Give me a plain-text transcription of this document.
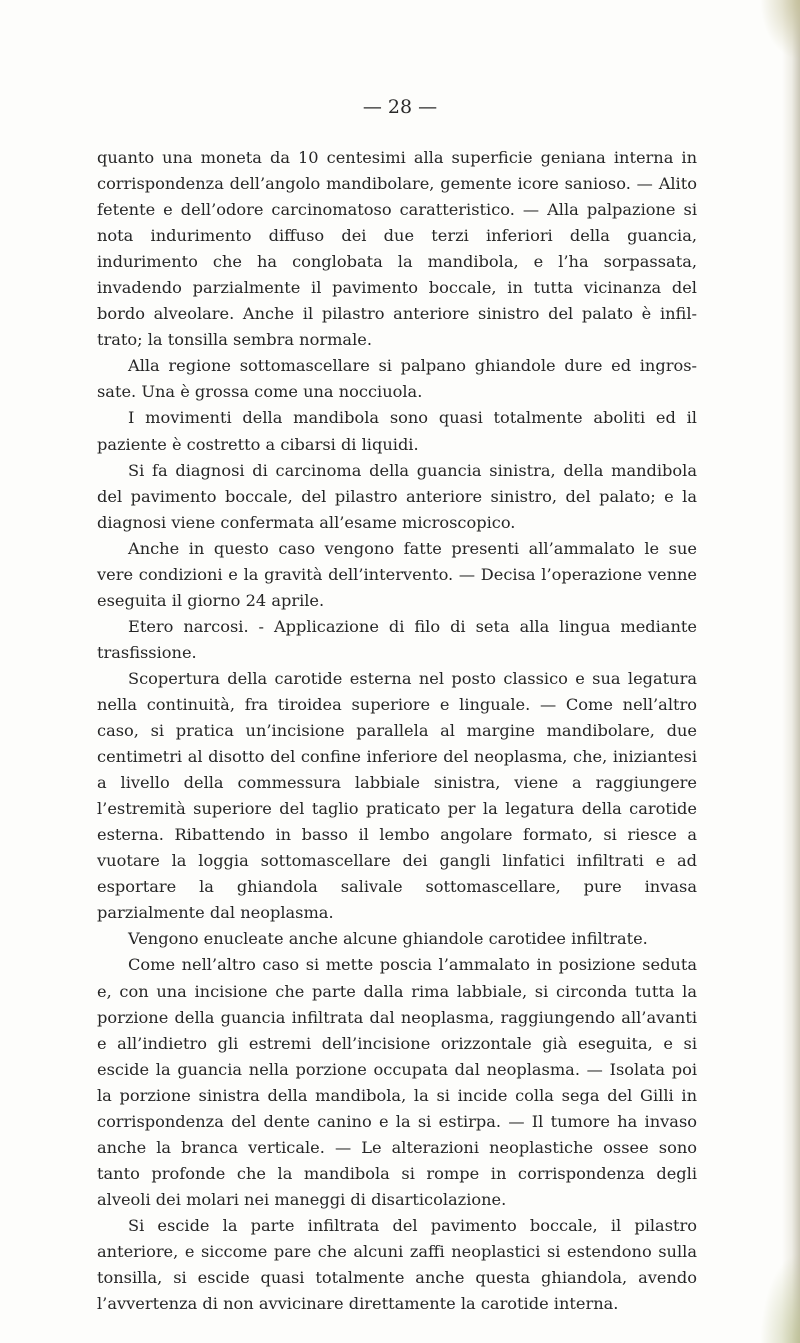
— 28 —

quanto una moneta da 10 centesimi alla superficie geniana interna in corrispondenza dell’angolo mandibolare, gemente icore sanioso. — Alito fetente e dell’odore carcinomatoso caratteristico. — Alla palpazione si nota indurimento diffuso dei due terzi inferiori della guancia, indurimento che ha conglobata la mandibola, e l’ha sorpassata, invadendo parzialmente il pavimento boccale, in tutta vicinanza del bordo alveolare. Anche il pilastro anteriore sinistro del palato è infiltrato; la tonsilla sembra normale.

Alla regione sottomascellare si palpano ghiandole dure ed ingrossate. Una è grossa come una nocciuola.

I movimenti della mandibola sono quasi totalmente aboliti ed il paziente è costretto a cibarsi di liquidi.

Si fa diagnosi di carcinoma della guancia sinistra, della mandibola del pavimento boccale, del pilastro anteriore sinistro, del palato; e la diagnosi viene confermata all’esame microscopico.

Anche in questo caso vengono fatte presenti all’ammalato le sue vere condizioni e la gravità dell’intervento. — Decisa l’operazione venne eseguita il giorno 24 aprile.

Etero narcosi. - Applicazione di filo di seta alla lingua mediante trasfissione.

Scopertura della carotide esterna nel posto classico e sua legatura nella continuità, fra tiroidea superiore e linguale. — Come nell’altro caso, si pratica un’incisione parallela al margine mandibolare, due centimetri al disotto del confine inferiore del neoplasma, che, iniziantesi a livello della commessura labbiale sinistra, viene a raggiungere l’estremità superiore del taglio praticato per la legatura della carotide esterna. Ribattendo in basso il lembo angolare formato, si riesce a vuotare la loggia sottomascellare dei gangli linfatici infiltrati e ad esportare la ghiandola salivale sottomascellare, pure invasa parzialmente dal neoplasma.

Vengono enucleate anche alcune ghiandole carotidee infiltrate.

Come nell’altro caso si mette poscia l’ammalato in posizione seduta e, con una incisione che parte dalla rima labbiale, si circonda tutta la porzione della guancia infiltrata dal neoplasma, raggiungendo all’avanti e all’indietro gli estremi dell’incisione orizzontale già eseguita, e si escide la guancia nella porzione occupata dal neoplasma. — Isolata poi la porzione sinistra della mandibola, la si incide colla sega del Gilli in corrispondenza del dente canino e la si estirpa. — Il tumore ha invaso anche la branca verticale. — Le alterazioni neoplastiche ossee sono tanto profonde che la mandibola si rompe in corrispondenza degli alveoli dei molari nei maneggi di disarticolazione.

Si escide la parte infiltrata del pavimento boccale, il pilastro anteriore, e siccome pare che alcuni zaffi neoplastici si estendono sulla tonsilla, si escide quasi totalmente anche questa ghiandola, avendo l’avvertenza di non avvicinare direttamente la carotide interna.
